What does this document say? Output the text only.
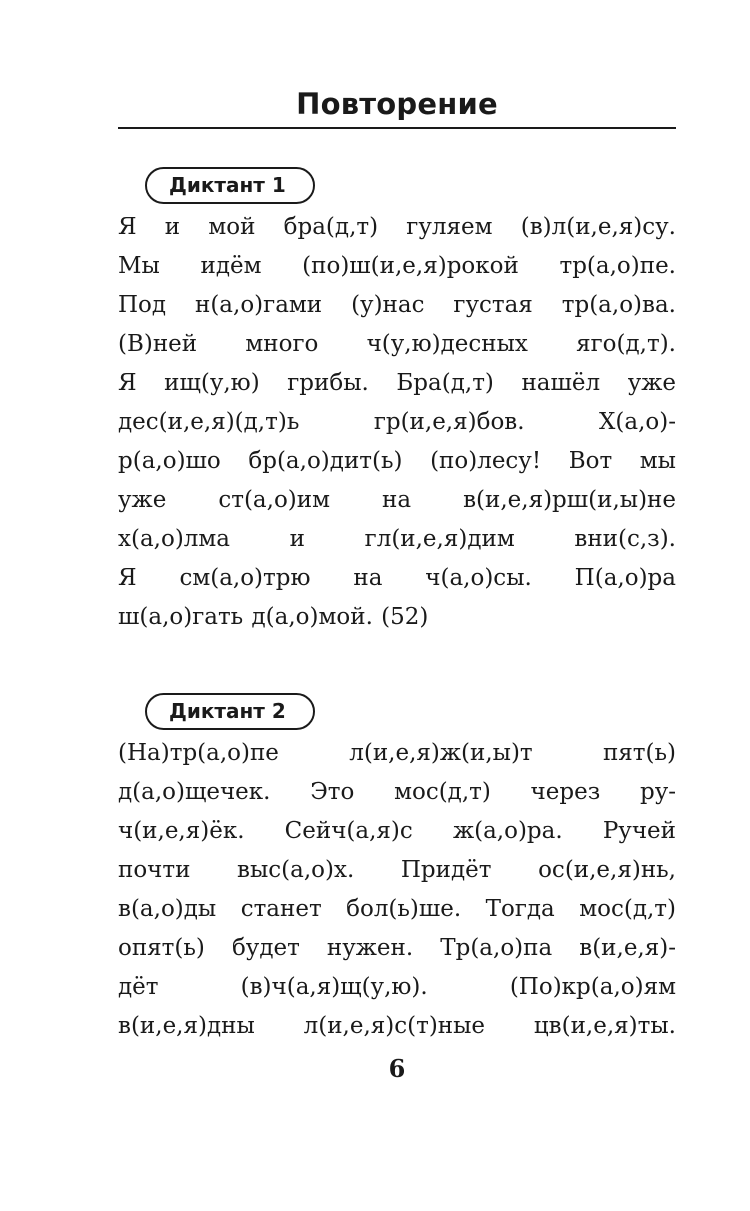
Повторение
Диктант 1
Я и мой бра(д,т) гуляем (в)л(и,е,я)су.
Мы идём (по)ш(и,е,я)рокой тр(а,о)пе.
Под н(а,о)гами (у)нас густая тр(а,о)ва.
(В)ней много ч(у,ю)десных яго(д,т).
Я ищ(у,ю) грибы. Бра(д,т) нашёл уже
дес(и,е,я)(д,т)ь гр(и,е,я)бов. Х(а,о)-
р(а,о)шо бр(а,о)дит(ь) (по)лесу! Вот мы
уже ст(а,о)им на в(и,е,я)рш(и,ы)не
х(а,о)лма и гл(и,е,я)дим вни(с,з).
Я см(а,о)трю на ч(а,о)сы. П(а,о)ра
ш(а,о)гать д(а,о)мой. (52)
Диктант 2
(На)тр(а,о)пе л(и,е,я)ж(и,ы)т пят(ь)
д(а,о)щечек. Это мос(д,т) через ру-
ч(и,е,я)ёк. Сейч(а,я)с ж(а,о)ра. Ручей
почти выс(а,о)х. Придёт ос(и,е,я)нь,
в(а,о)ды станет бол(ь)ше. Тогда мос(д,т)
опят(ь) будет нужен. Тр(а,о)па в(и,е,я)-
дёт (в)ч(а,я)щ(у,ю). (По)кр(а,о)ям
в(и,е,я)дны л(и,е,я)с(т)ные цв(и,е,я)ты.
6
